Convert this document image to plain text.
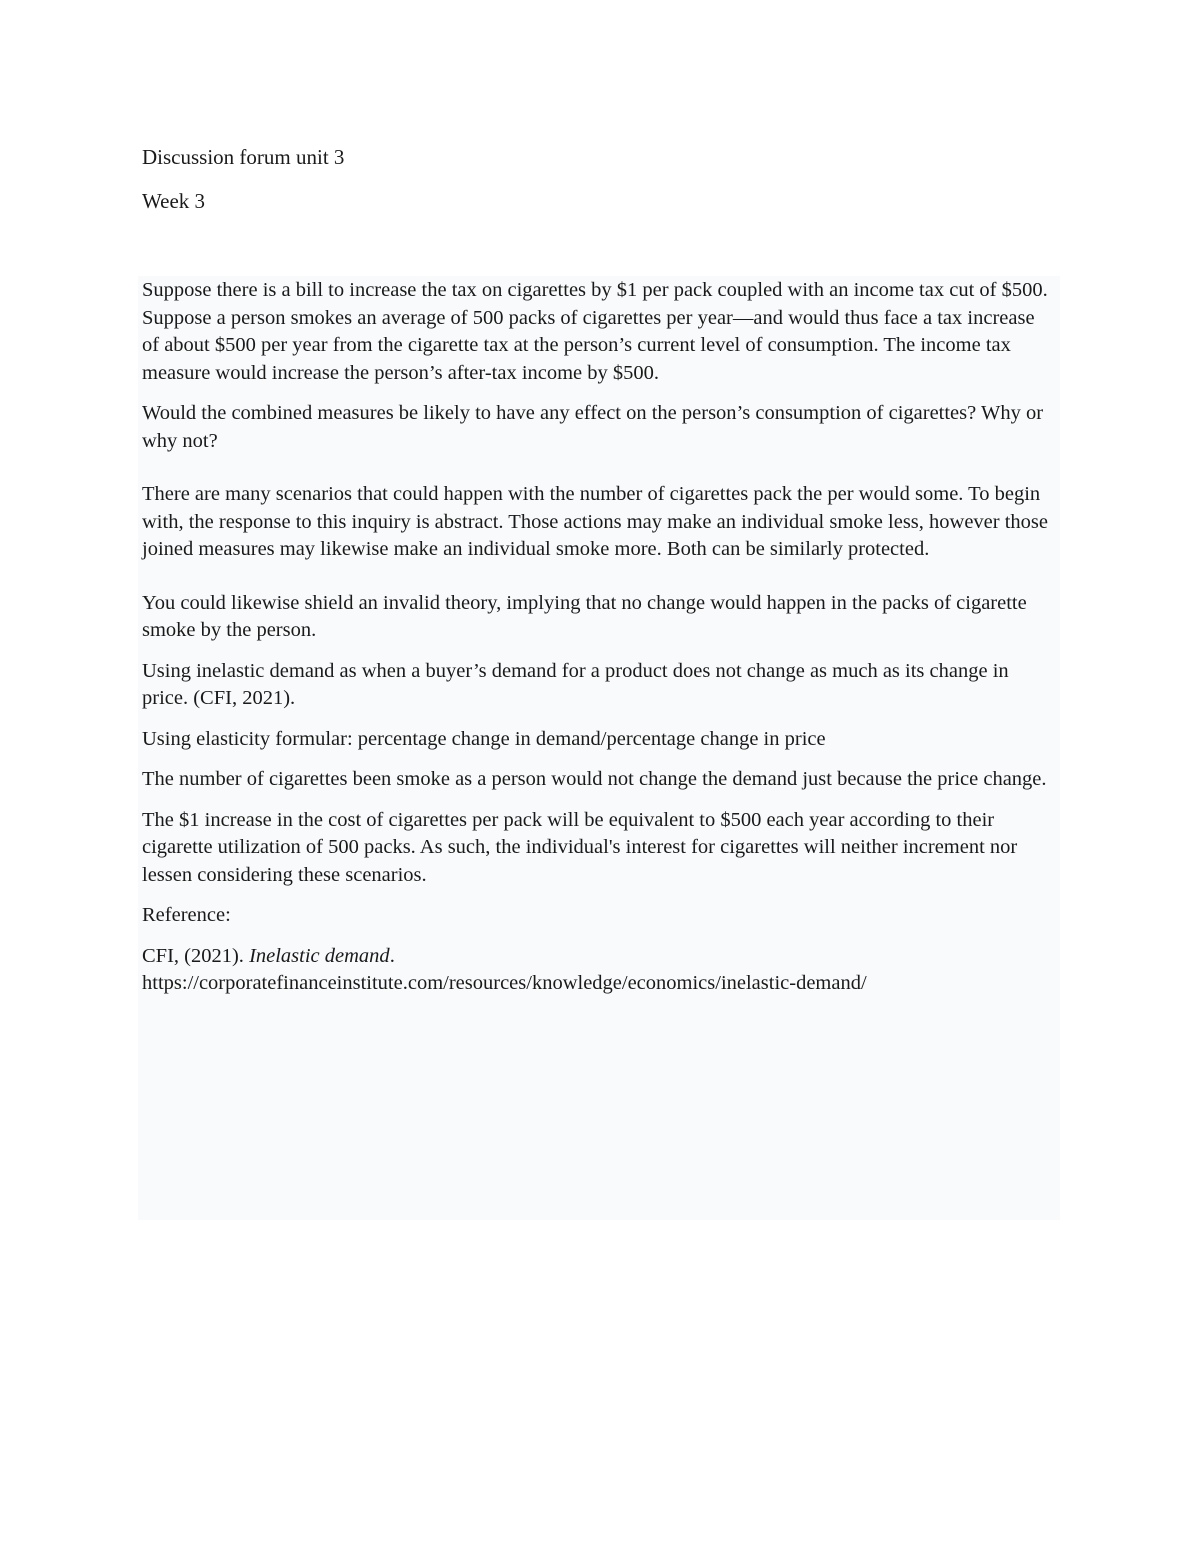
Discussion forum unit 3

Week 3

Suppose there is a bill to increase the tax on cigarettes by $1 per pack coupled with an income tax cut of $500. Suppose a person smokes an average of 500 packs of cigarettes per year—and would thus face a tax increase of about $500 per year from the cigarette tax at the person’s current level of consumption. The income tax measure would increase the person’s after-tax income by $500.

Would the combined measures be likely to have any effect on the person’s consumption of cigarettes? Why or why not?

There are many scenarios that could happen with the number of cigarettes pack the per would some. To begin with, the response to this inquiry is abstract. Those actions may make an individual smoke less, however those joined measures may likewise make an individual smoke more. Both can be similarly protected.

You could likewise shield an invalid theory, implying that no change would happen in the packs of cigarette smoke by the person.

Using inelastic demand as when a buyer’s demand for a product does not change as much as its change in price. (CFI, 2021).

Using elasticity formular: percentage change in demand/percentage change in price

The number of cigarettes been smoke as a person would not change the demand just because the price change.

The $1 increase in the cost of cigarettes per pack will be equivalent to $500 each year according to their cigarette utilization of 500 packs. As such, the individual's interest for cigarettes will neither increment nor lessen considering these scenarios.

Reference:

CFI, (2021). Inelastic demand.
https://corporatefinanceinstitute.com/resources/knowledge/economics/inelastic-demand/
